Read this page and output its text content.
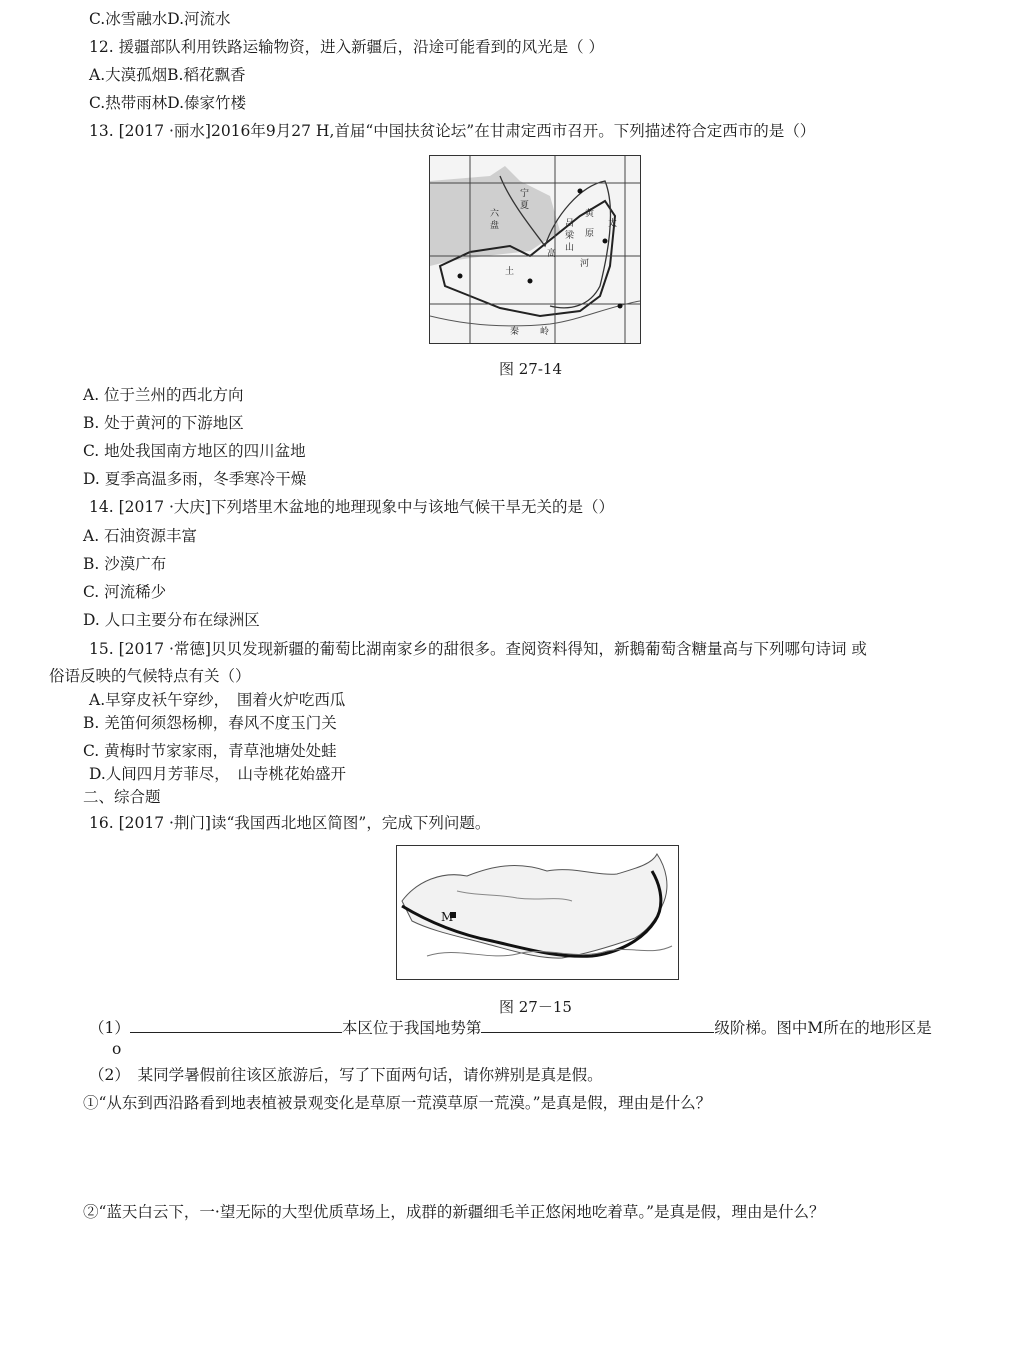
C.冰雪融水D.河流水
12. 援疆部队利用铁路运输物资，进入新疆后，沿途可能看到的风光是（ ）
A.大漠孤烟B.稻花飘香
C.热带雨林D.傣家竹楼
13. [2017 ·丽水]2016年9月27 H,首届“中国扶贫论坛”在甘肃定西市召开。下列描述符合定西市的是（）
黄
土
高
原
河
吕
梁
山
太
六
盘
宁
夏
秦 岭
图 27-14
A. 位于兰州的西北方向
B. 处于黄河的下游地区
C. 地处我国南方地区的四川盆地
D. 夏季高温多雨，冬季寒冷干燥
14. [2017 ·大庆]下列塔里木盆地的地理现象中与该地气候干旱无关的是（）
A. 石油资源丰富
B. 沙漠广布
C. 河流稀少
D. 人口主要分布在绿洲区
15. [2017 ·常德]贝贝发现新疆的葡萄比湖南家乡的甜很多。查阅资料得知，新鵝葡萄含糖量高与下列哪句诗词 或
俗语反映的气候特点有关（）
A.早穿皮袄午穿纱，　围着火炉吃西瓜
B. 羌笛何须怨杨柳，春风不度玉门关
C. 黄梅时节家家雨，青草池塘处处蛙
D.人间四月芳菲尽，　山寺桃花始盛开
二、综合题
16. [2017 ·荆门]读“我国西北地区简图”，完成下列问题。
M
图 27－15
（1）	本区位于我国地势第	级阶梯。图中M所在的地形区是
o
（2）　某同学暑假前往该区旅游后，写了下面两句话，请你辨别是真是假。
①“从东到西沿路看到地表植被景观变化是草原一荒漠草原一荒漠。”是真是假，理由是什么？
②“蓝天白云下，一·望无际的大型优质草场上，成群的新疆细毛羊正悠闲地吃着草。”是真是假，理由是什么？
